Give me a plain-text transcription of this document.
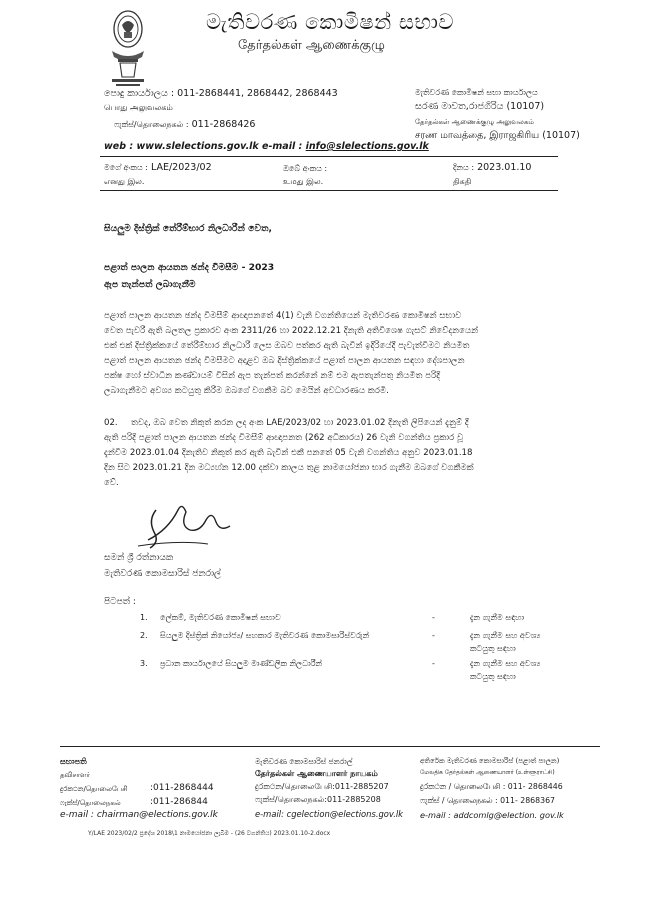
මැතිවරණ කොමිෂන් සභාව
தேர்தல்கள் ஆணைக்குழு
පොදු කාර්යාලය : 011-2868441, 2868442, 2868443
பொது அலுவலகம்
ෆැක්ස්/தொலைநகல் : 011-2868426
මැතිවරණ කොමිෂන් සභා කාර්යාලය
සරණ මාවත,රාජගිරිය (10107)
தேர்தல்கள் ஆணைக்குழு அலுவலகம்
சரண மாவத்தை, இராஜகிரிய (10107)
web : www.slelections.gov.lk e-mail : info@slelections.gov.lk
මගේ අංකය : LAE/2023/02
எனது இல.
ඔබේ අංකය :
உமது இல.
දිනය : 2023.01.10
திகதி
සියලුම දිස්ත්‍රික් තේරීම්භාර නිලධාරීන් වෙත,
පළාත් පාලන ආයතන ඡන්ද විමසීම - 2023
ඇප තැන්පත් ලබාගැනීම
පළාත් පාලන ආයතන ඡන්ද විමසීම් ආඥාපනතේ 4(1) වැනි වගන්තියෙන් මැතිවරණ කොමිෂන් සභාව
වෙත පැවරී ඇති බලතල ප්‍රකාරව අංක 2311/26 හා 2022.12.21 දිනැති අතිවිශෙෂ ගැසට් නිවේදනයෙන්
එක් එක් දිස්ත්‍රික්කයේ තේරීම්භාර නිලධාරී ලෙස ඔබව පත්කර ඇති බැවින් ඉදිරියේදී පැවැත්වීමට නියමිත
පළාත් පාලන ආයතන ඡන්ද විමසීමට අදාළව ඔබ දිස්ත්‍රික්කයේ පළාත් පාලන ආයතන සඳහා දේශපාලන
පක්ෂ හෝ ස්වාධීන කණ්ඩායම් විසින් ඇප තැන්පත් කරන්නේ නම් එම ඇපතැන්පතු නියමිත පරිදි
ලබාගැනීමට අවශ්‍ය කටයුතු කිරීම ඔබගේ වගකීම බව මෙයින් අවධාරණය කරමි.
02. තවද, ඔබ වෙත නිකුත් කරන ලද අංක LAE/2023/02 හා 2023.01.02 දිනැති ලිපියෙන් දැනුම් දී
ඇති පරිදි පළාත් පාලන ආයතන ඡන්ද විමසීම් ආඥාපනත (262 අධිකාරය) 26 වැනි වගන්තිය ප්‍රකාර වූ
දැන්වීම 2023.01.04 දිනැතිව නිකුත් කර ඇති බැවින් එකී පනතේ 05 වැනි වගන්තිය අනුව 2023.01.18
දින සිට 2023.01.21 දින මධ්‍යහ්න 12.00 දක්වා කාලය තුළ නාමයෝජනා භාර ගැනීම ඔබගේ වගකීමක්
වේ.
සමන් ශ්‍රී රත්නායක
මැතිවරණ කොමසාරිස් ජනරාල්
පිටපත් :
1. ලේකම්, මැතිවරණ කොමිෂන් සභාව	-	දැන ගැනීම සඳහා
2. සියලුම දිස්ත්‍රික් නියෝජ්‍ය/ සහකාර මැතිවරණ කොමසාරිස්වරුන්	-	දැන ගැනීම සහ අවශ්‍ය
කටයුතු සඳහා
3. ප්‍රධාන කාර්යාලයේ සියලුම මාණ්ඩලික නිලධාරීන්	-	දැන ගැනීම සහ අවශ්‍ය
කටයුතු සඳහා
සභාපති
தவிசாளர்
දුරකථන/தொலைபேசி :011-2868444
ෆැක්ස්/தொலைநகல்	:011-286844
e-mail : chairman@elections.gov.lk
මැතිවරණ කොමසාරිස් ජනරාල්
தேர்தல்கள் ஆணையாளர் நாயகம்
දුරකථන/தொலைபேசி:011-2885207
ෆැක්ස්/தொலைநகல்:011-2885208
e-mail: cgelection@elections.gov.lk
අතිරේක මැතිවරණ කොමසාරිස් (පළාත් පාලන)
மேலதிக தேர்தல்கள் ஆணையாளர் (உள்ளூராட்சி)
දුරකථන / தொலைபேசி : 011- 2868446
ෆැක්ස් / தொலைநகல் : 011- 2868367
e-mail : addcomlg@election. gov.lk
Y/LAE 2023/02/2 ප්‍රදේශ 2018\1 නාමයෝජනා ලැබීම - (26 වගන්තිය) 2023.01.10-2.docx
